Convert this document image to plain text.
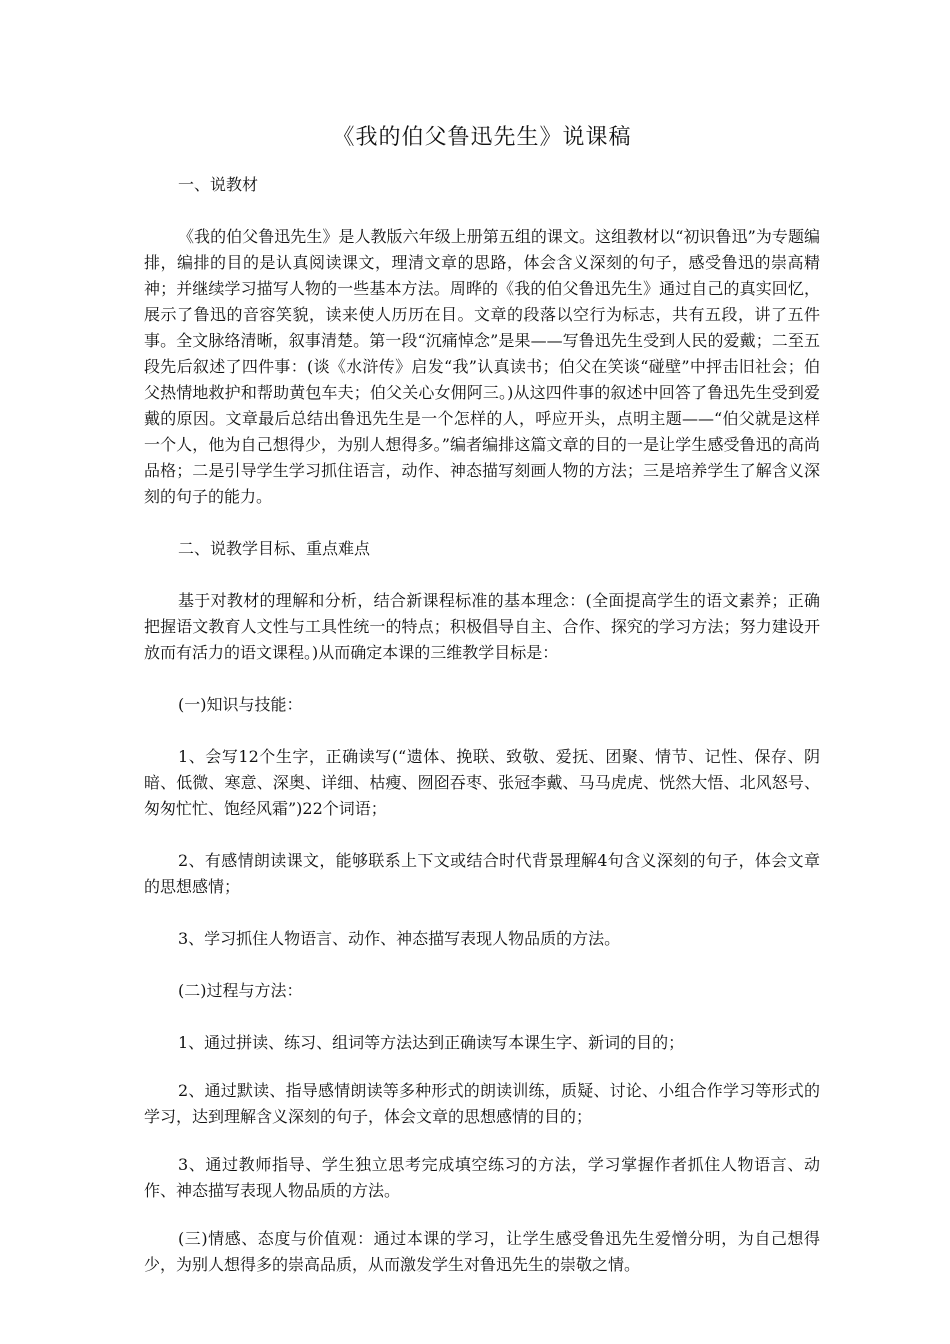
《我的伯父鲁迅先生》说课稿

一、说教材

《我的伯父鲁迅先生》是人教版六年级上册第五组的课文。这组教材以“初识鲁迅”为专题编排，编排的目的是认真阅读课文，理清文章的思路，体会含义深刻的句子，感受鲁迅的崇高精神；并继续学习描写人物的一些基本方法。周晔的《我的伯父鲁迅先生》通过自己的真实回忆，展示了鲁迅的音容笑貌，读来使人历历在目。文章的段落以空行为标志，共有五段，讲了五件事。全文脉络清晰，叙事清楚。第一段“沉痛悼念”是果——写鲁迅先生受到人民的爱戴；二至五段先后叙述了四件事：(谈《水浒传》启发“我”认真读书；伯父在笑谈“碰壁”中抨击旧社会；伯父热情地救护和帮助黄包车夫；伯父关心女佣阿三。)从这四件事的叙述中回答了鲁迅先生受到爱戴的原因。文章最后总结出鲁迅先生是一个怎样的人，呼应开头，点明主题——“伯父就是这样一个人，他为自己想得少，为别人想得多。”编者编排这篇文章的目的一是让学生感受鲁迅的高尚品格；二是引导学生学习抓住语言，动作、神态描写刻画人物的方法；三是培养学生了解含义深刻的句子的能力。

二、说教学目标、重点难点

基于对教材的理解和分析，结合新课程标准的基本理念：(全面提高学生的语文素养；正确把握语文教育人文性与工具性统一的特点；积极倡导自主、合作、探究的学习方法；努力建设开放而有活力的语文课程。)从而确定本课的三维教学目标是：

(一)知识与技能：

1、会写12个生字，正确读写(“遗体、挽联、致敬、爱抚、团聚、情节、记性、保存、阴暗、低微、寒意、深奥、详细、枯瘦、囫囵吞枣、张冠李戴、马马虎虎、恍然大悟、北风怒号、匆匆忙忙、饱经风霜”)22个词语；

2、有感情朗读课文，能够联系上下文或结合时代背景理解4句含义深刻的句子，体会文章的思想感情；

3、学习抓住人物语言、动作、神态描写表现人物品质的方法。

(二)过程与方法：

1、通过拼读、练习、组词等方法达到正确读写本课生字、新词的目的；

2、通过默读、指导感情朗读等多种形式的朗读训练，质疑、讨论、小组合作学习等形式的学习，达到理解含义深刻的句子，体会文章的思想感情的目的；

3、通过教师指导、学生独立思考完成填空练习的方法，学习掌握作者抓住人物语言、动作、神态描写表现人物品质的方法。

(三)情感、态度与价值观：通过本课的学习，让学生感受鲁迅先生爱憎分明，为自己想得少，为别人想得多的崇高品质，从而激发学生对鲁迅先生的崇敬之情。
